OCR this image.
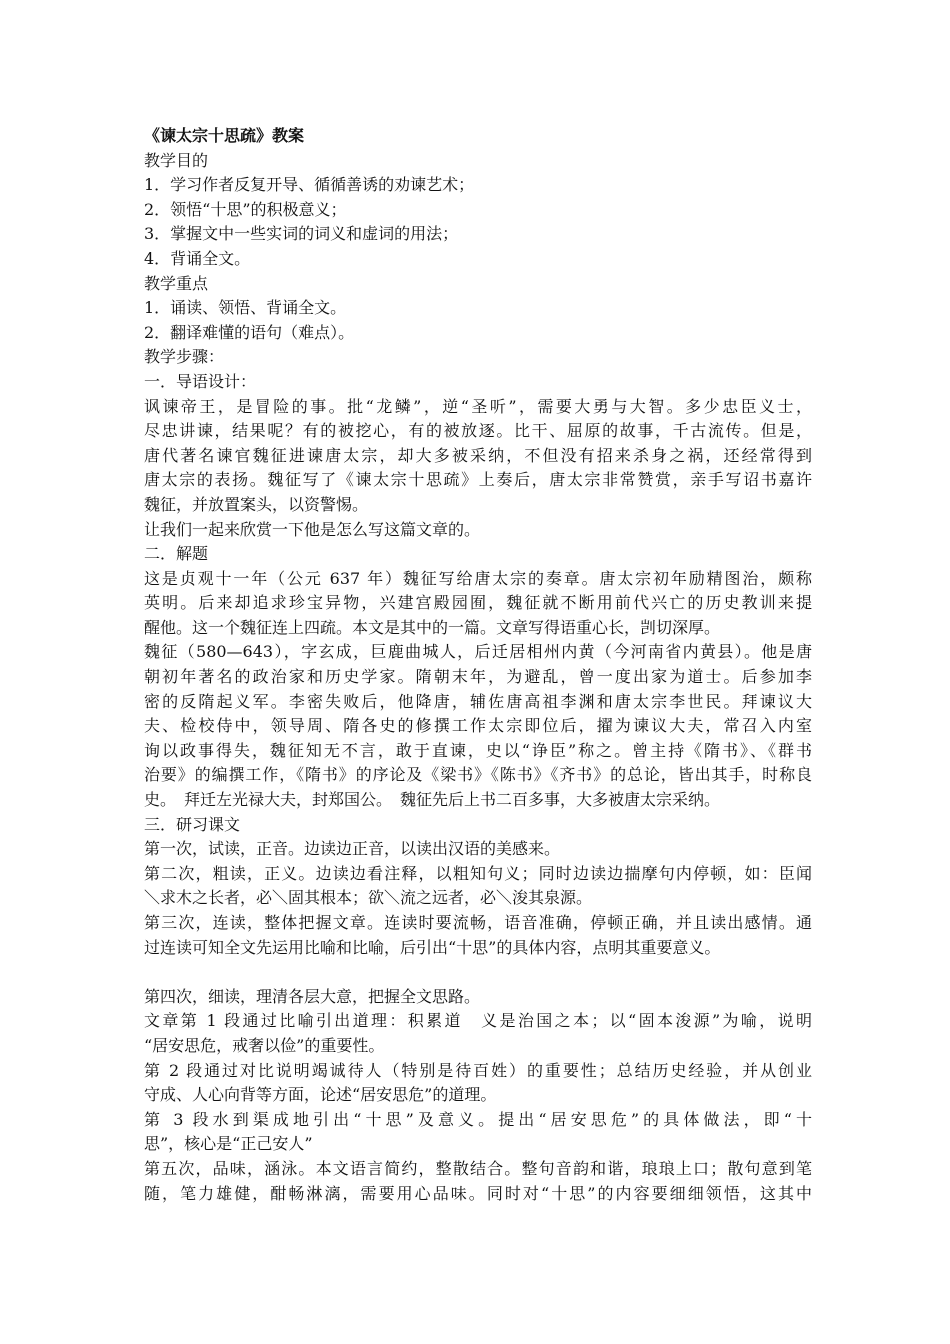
《谏太宗十思疏》教案
教学目的
1．学习作者反复开导、循循善诱的劝谏艺术；
2．领悟“十思”的积极意义；
3．掌握文中一些实词的词义和虚词的用法；
4．背诵全文。
教学重点
1．诵读、领悟、背诵全文。
2．翻译难懂的语句（难点）。
教学步骤：
一．导语设计：
讽谏帝王，是冒险的事。批“龙鳞”，逆“圣听”，需要大勇与大智。多少忠臣义士，
尽忠讲谏，结果呢？有的被挖心，有的被放逐。比干、屈原的故事，千古流传。但是，
唐代著名谏官魏征进谏唐太宗，却大多被采纳，不但没有招来杀身之祸，还经常得到
唐太宗的表扬。魏征写了《谏太宗十思疏》上奏后，唐太宗非常赞赏，亲手写诏书嘉许
魏征，并放置案头，以资警惕。
让我们一起来欣赏一下他是怎么写这篇文章的。
二．解题
这是贞观十一年（公元 637 年）魏征写给唐太宗的奏章。唐太宗初年励精图治，颇称
英明。后来却追求珍宝异物，兴建宫殿园囿，魏征就不断用前代兴亡的历史教训来提
醒他。这一个魏征连上四疏。本文是其中的一篇。文章写得语重心长，剀切深厚。
魏征（580—643），字玄成，巨鹿曲城人，后迁居相州内黄（今河南省内黄县）。他是唐
朝初年著名的政治家和历史学家。隋朝末年，为避乱，曾一度出家为道士。后参加李
密的反隋起义军。李密失败后，他降唐，辅佐唐高祖李渊和唐太宗李世民。拜谏议大
夫、检校侍中，领导周、隋各史的修撰工作太宗即位后，擢为谏议大夫，常召入内室
询以政事得失，魏征知无不言，敢于直谏，史以“诤臣”称之。曾主持《隋书》、《群书
治要》的编撰工作，《隋书》的序论及《梁书》《陈书》《齐书》的总论，皆出其手，时称良
史。　拜迁左光禄大夫，封郑国公。　魏征先后上书二百多事，大多被唐太宗采纳。
三．研习课文
第一次，试读，正音。边读边正音，以读出汉语的美感来。
第二次，粗读，正义。边读边看注释，以粗知句义；同时边读边揣摩句内停顿，如：臣闻
＼求木之长者，必＼固其根本；欲＼流之远者，必＼浚其泉源。
第三次，连读，整体把握文章。连读时要流畅，语音准确，停顿正确，并且读出感情。通
过连读可知全文先运用比喻和比喻，后引出“十思”的具体内容，点明其重要意义。
第四次，细读，理清各层大意，把握全文思路。
文章第 1 段通过比喻引出道理：积累道　义是治国之本；以“固本浚源”为喻，说明
“居安思危，戒奢以俭”的重要性。
第 2 段通过对比说明竭诚待人（特别是待百姓）的重要性；总结历史经验，并从创业
守成、人心向背等方面，论述“居安思危”的道理。
第 3 段水到渠成地引出“十思”及意义。提出“居安思危”的具体做法，即“十
思”，核心是“正己安人”
第五次，品味，涵泳。本文语言简约，整散结合。整句音韵和谐，琅琅上口；散句意到笔
随，笔力雄健，酣畅淋漓，需要用心品味。同时对“十思”的内容要细细领悟，这其中
